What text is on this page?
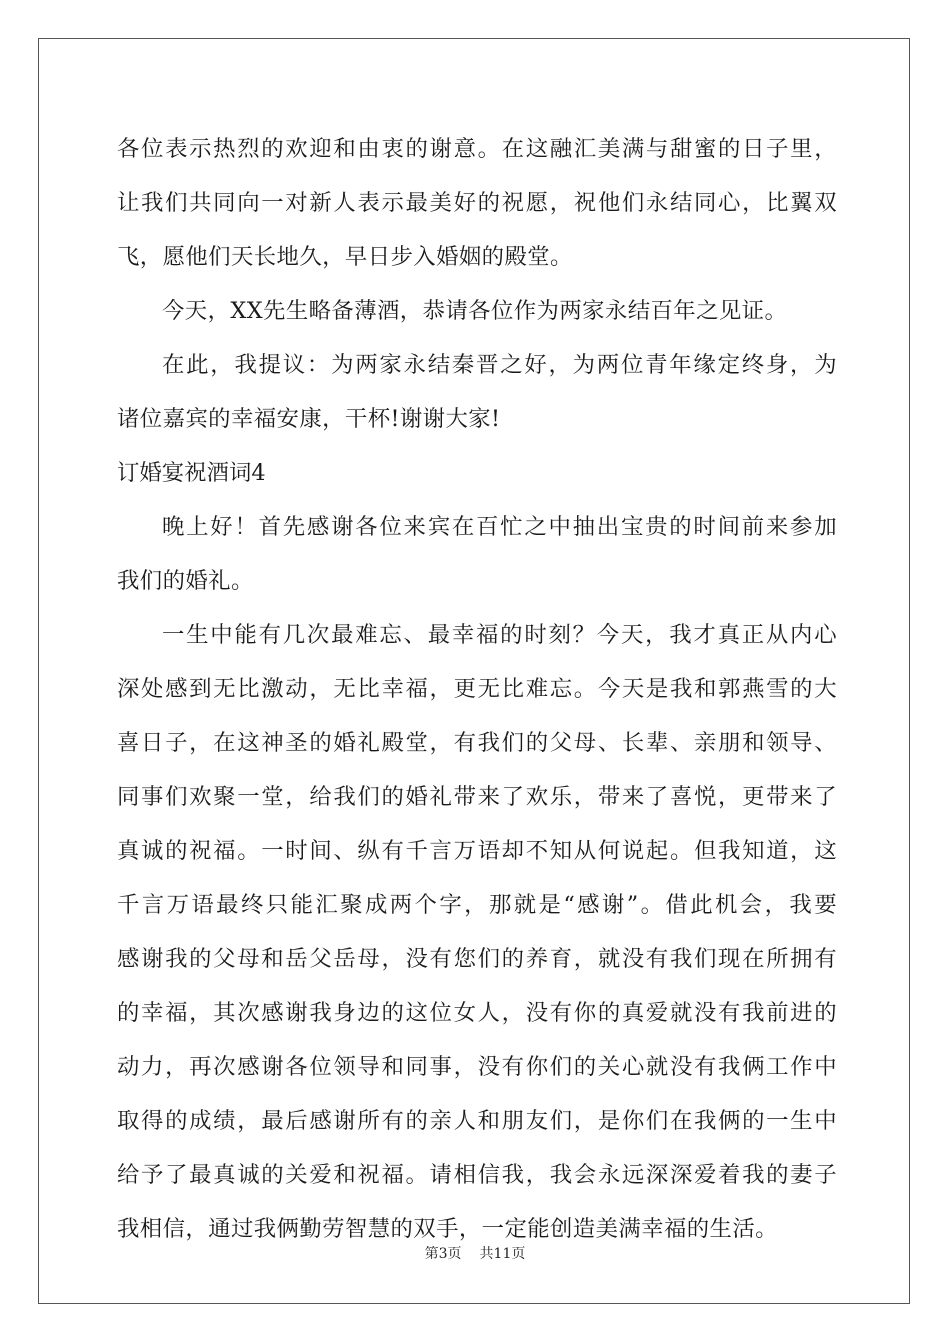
各位表示热烈的欢迎和由衷的谢意。在这融汇美满与甜蜜的日子里，
让我们共同向一对新人表示最美好的祝愿，祝他们永结同心，比翼双
飞，愿他们天长地久，早日步入婚姻的殿堂。
今天，XX先生略备薄酒，恭请各位作为两家永结百年之见证。
在此，我提议：为两家永结秦晋之好，为两位青年缘定终身，为
诸位嘉宾的幸福安康，干杯!谢谢大家!
订婚宴祝酒词4
晚上好！首先感谢各位来宾在百忙之中抽出宝贵的时间前来参加
我们的婚礼。
一生中能有几次最难忘、最幸福的时刻？今天，我才真正从内心
深处感到无比激动，无比幸福，更无比难忘。今天是我和郭燕雪的大
喜日子，在这神圣的婚礼殿堂，有我们的父母、长辈、亲朋和领导、
同事们欢聚一堂，给我们的婚礼带来了欢乐，带来了喜悦，更带来了
真诚的祝福。一时间、纵有千言万语却不知从何说起。但我知道，这
千言万语最终只能汇聚成两个字，那就是“感谢”。借此机会，我要
感谢我的父母和岳父岳母，没有您们的养育，就没有我们现在所拥有
的幸福，其次感谢我身边的这位女人，没有你的真爱就没有我前进的
动力，再次感谢各位领导和同事，没有你们的关心就没有我俩工作中
取得的成绩，最后感谢所有的亲人和朋友们，是你们在我俩的一生中
给予了最真诚的关爱和祝福。请相信我，我会永远深深爱着我的妻子
我相信，通过我俩勤劳智慧的双手，一定能创造美满幸福的生活。
第3页 共11页
